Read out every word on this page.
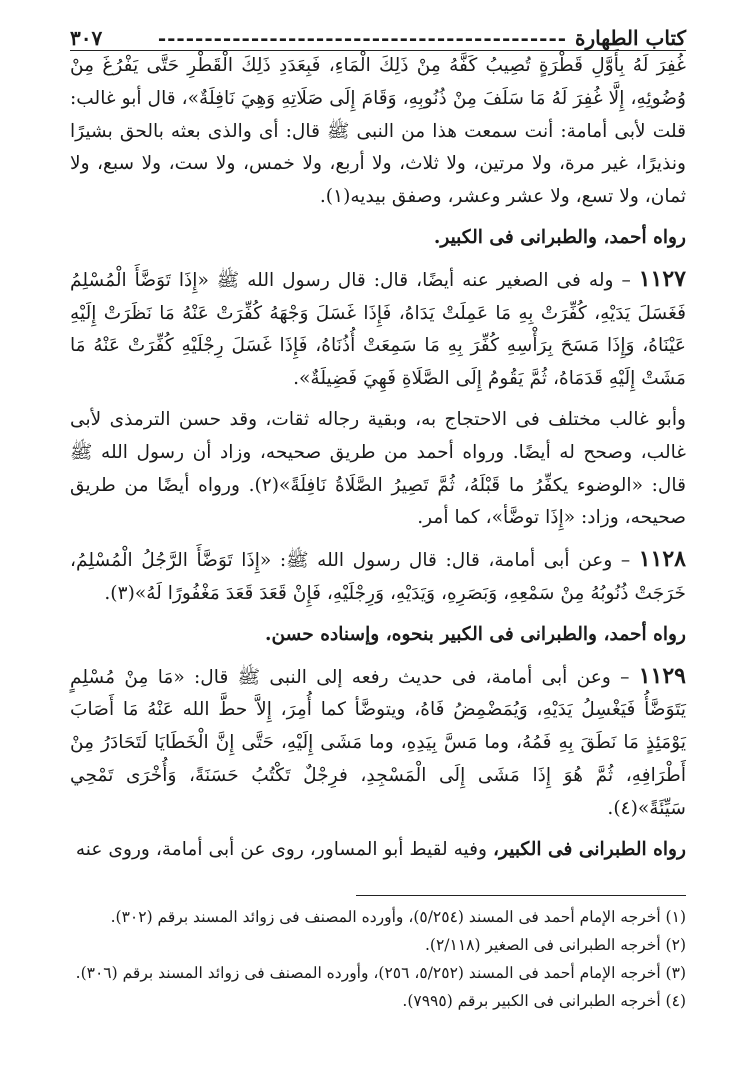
كتاب الطهارة
--------------------------------------------
٣٠٧

غُفِرَ لَهُ بِأَوَّلِ قَطْرَةٍ تُصِيبُ كَفَّهُ مِنْ ذَلِكَ الْمَاءِ، فَبِعَدَدِ ذَلِكَ الْقَطْرِ حَتَّى يَفْرُغَ مِنْ وُضُوئِهِ، إِلَّا غُفِرَ لَهُ مَا سَلَفَ مِنْ ذُنُوبِهِ، وَقَامَ إِلَى صَلَاتِهِ وَهِيَ نَافِلَةٌ»، قال أبو غالب: قلت لأبى أمامة: أنت سمعت هذا من النبى ﷺ قال: أى والذى بعثه بالحق بشيرًا ونذيرًا، غير مرة، ولا مرتين، ولا ثلاث، ولا أربع، ولا خمس، ولا ست، ولا سبع، ولا ثمان، ولا تسع، ولا عشر وعشر، وصفق بيديه(١).

رواه أحمد، والطبرانى فى الكبير.

١١٢٧ – وله فى الصغير عنه أيضًا، قال: قال رسول الله ﷺ «إِذَا تَوَضَّأَ الْمُسْلِمُ فَغَسَلَ يَدَيْهِ، كُفِّرَتْ بِهِ مَا عَمِلَتْ يَدَاهُ، فَإِذَا غَسَلَ وَجْهَهُ كُفِّرَتْ عَنْهُ مَا نَظَرَتْ إِلَيْهِ عَيْنَاهُ، وَإِذَا مَسَحَ بِرَأْسِهِ كُفِّرَ بِهِ مَا سَمِعَتْ أُذُنَاهُ، فَإِذَا غَسَلَ رِجْلَيْهِ كُفِّرَتْ عَنْهُ مَا مَشَتْ إِلَيْهِ قَدَمَاهُ، ثُمَّ يَقُومُ إِلَى الصَّلَاةِ فَهِيَ فَضِيلَةٌ».

وأبو غالب مختلف فى الاحتجاج به، وبقية رجاله ثقات، وقد حسن الترمذى لأبى غالب، وصحح له أيضًا. ورواه أحمد من طريق صحيحه، وزاد أن رسول الله ﷺ قال: «الوضوء يكفِّرُ ما قَبْلَهُ، ثُمَّ تَصِيرُ الصَّلَاةُ نَافِلَةً»(٢). ورواه أيضًا من طريق صحيحه، وزاد: «إِذَا توضَّأ»، كما أمر.

١١٢٨ – وعن أبى أمامة، قال: قال رسول الله ﷺ: «إِذَا تَوَضَّأَ الرَّجُلُ الْمُسْلِمُ، خَرَجَتْ ذُنُوبُهُ مِنْ سَمْعِهِ، وَبَصَرِهِ، وَيَدَيْهِ، وَرِجْلَيْهِ، فَإِنْ قَعَدَ قَعَدَ مَغْفُورًا لَهُ»(٣).

رواه أحمد، والطبرانى فى الكبير بنحوه، وإسناده حسن.

١١٢٩ – وعن أبى أمامة، فى حديث رفعه إلى النبى ﷺ قال: «مَا مِنْ مُسْلِمٍ يَتَوَضَّأُ فَيَغْسِلُ يَدَيْهِ، وَيُمَضْمِضُ فَاهُ، ويتوضَّأ كما أُمِرَ، إِلاَّ حطَّ الله عَنْهُ مَا أَصَابَ يَوْمَئِذٍ مَا نَطَقَ بِهِ فَمُهُ، وما مَسَّ بِيَدِهِ، وما مَشَى إِلَيْهِ، حَتَّى إِنَّ الْخَطَايَا لَتَحَادَرُ مِنْ أَطْرَافِهِ، ثُمَّ هُوَ إِذَا مَشَى إِلَى الْمَسْجِدِ، فرِجْلٌ تَكْتُبُ حَسَنَةً، وَأُخْرَى تَمْحِي سَيِّئَةً»(٤).

رواه الطبرانى فى الكبير، وفيه لقيط أبو المساور، روى عن أبى أمامة، وروى عنه

(١) أخرجه الإمام أحمد فى المسند (٥/٢٥٤)، وأورده المصنف فى زوائد المسند برقم (٣٠٢).

(٢) أخرجه الطبرانى فى الصغير (٢/١١٨).

(٣) أخرجه الإمام أحمد فى المسند (٥/٢٥٢، ٢٥٦)، وأورده المصنف فى زوائد المسند برقم (٣٠٦).

(٤) أخرجه الطبرانى فى الكبير برقم (٧٩٩٥).
